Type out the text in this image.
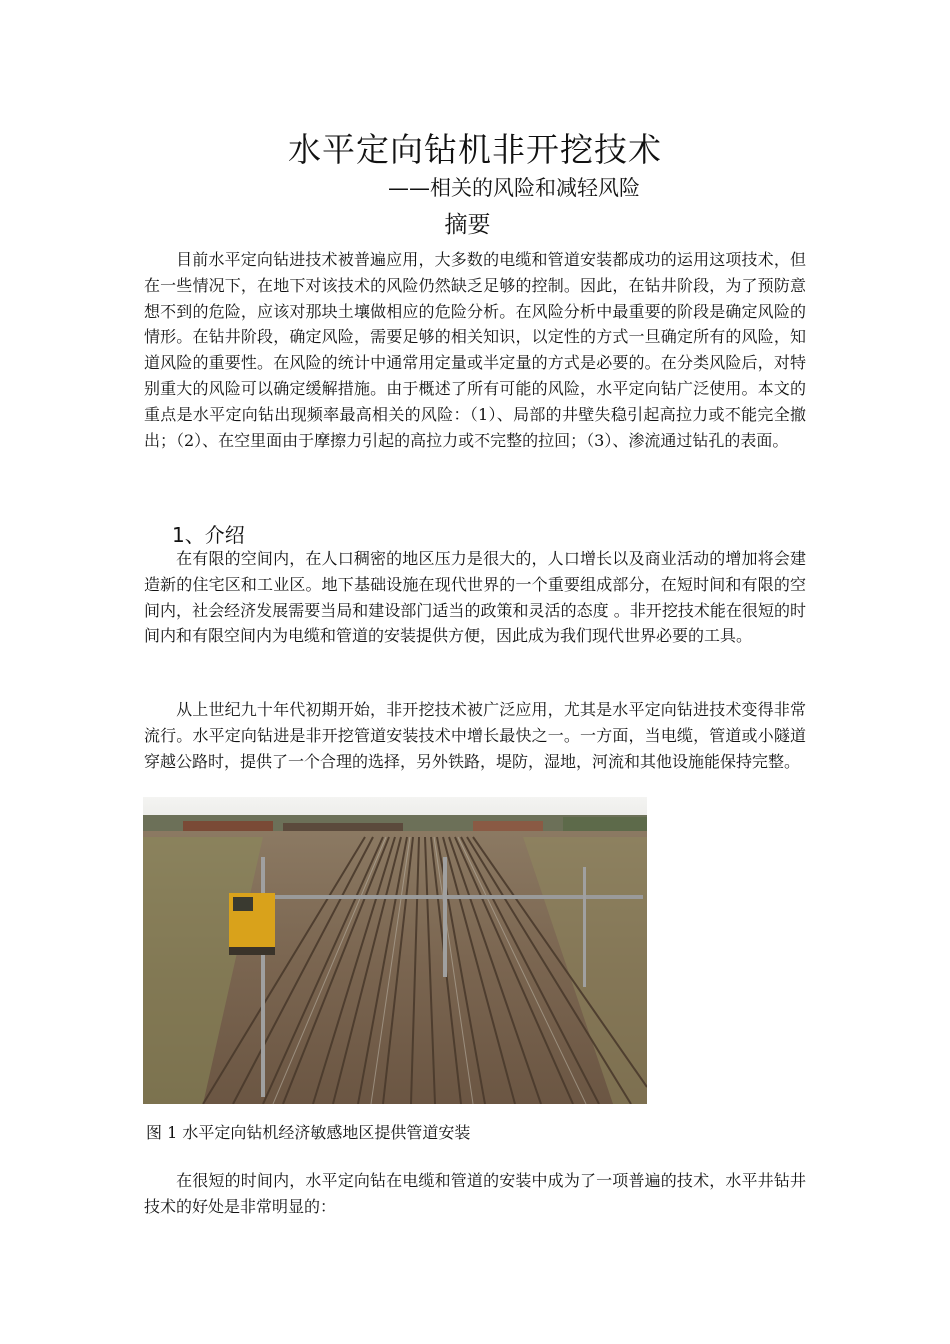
水平定向钻机非开挖技术
——相关的风险和减轻风险
摘要

目前水平定向钻进技术被普遍应用，大多数的电缆和管道安装都成功的运用这项技术，但在一些情况下，在地下对该技术的风险仍然缺乏足够的控制。因此，在钻井阶段，为了预防意想不到的危险，应该对那块土壤做相应的危险分析。在风险分析中最重要的阶段是确定风险的情形。在钻井阶段，确定风险，需要足够的相关知识，以定性的方式一旦确定所有的风险，知道风险的重要性。在风险的统计中通常用定量或半定量的方式是必要的。在分类风险后，对特别重大的风险可以确定缓解措施。由于概述了所有可能的风险，水平定向钻广泛使用。本文的重点是水平定向钻出现频率最高相关的风险：（1）、局部的井壁失稳引起高拉力或不能完全撤出；（2）、在空里面由于摩擦力引起的高拉力或不完整的拉回；（3）、渗流通过钻孔的表面。

1、介绍

在有限的空间内，在人口稠密的地区压力是很大的，人口增长以及商业活动的增加将会建造新的住宅区和工业区。地下基础设施在现代世界的一个重要组成部分，在短时间和有限的空间内，社会经济发展需要当局和建设部门适当的政策和灵活的态度 。非开挖技术能在很短的时间内和有限空间内为电缆和管道的安装提供方便，因此成为我们现代世界必要的工具。

从上世纪九十年代初期开始，非开挖技术被广泛应用，尤其是水平定向钻进技术变得非常流行。水平定向钻进是非开挖管道安装技术中增长最快之一。一方面，当电缆，管道或小隧道穿越公路时，提供了一个合理的选择，另外铁路，堤防，湿地，河流和其他设施能保持完整。

图 1 水平定向钻机经济敏感地区提供管道安装

在很短的时间内，水平定向钻在电缆和管道的安装中成为了一项普遍的技术，水平井钻井技术的好处是非常明显的：
